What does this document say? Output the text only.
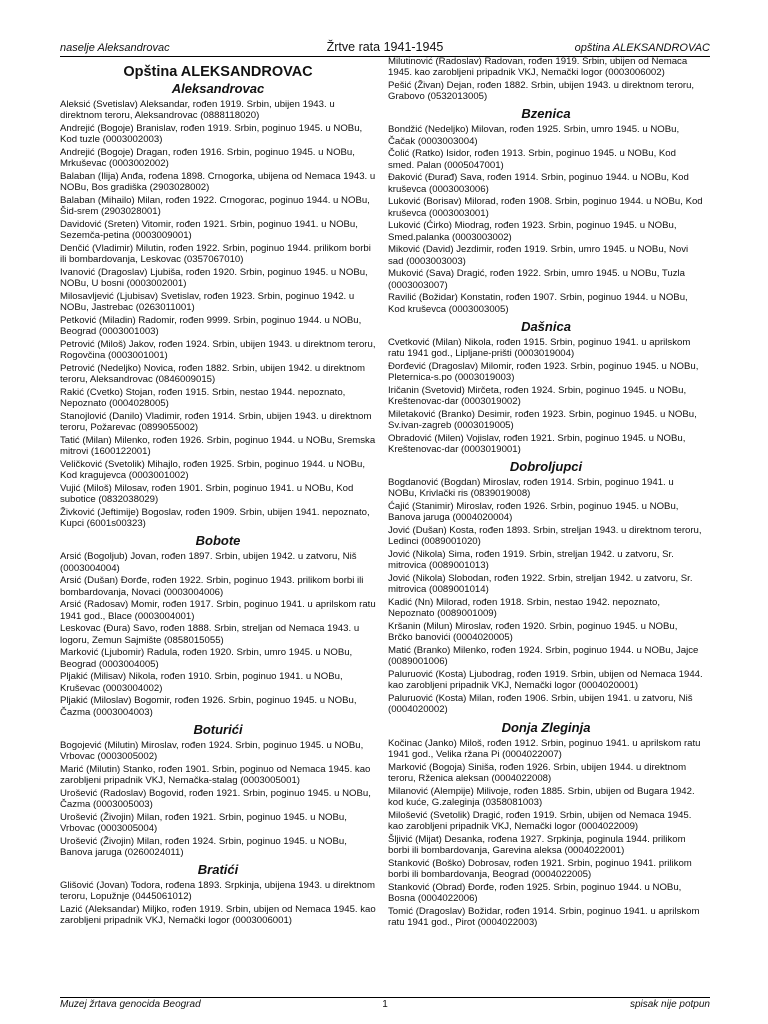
naselje Aleksandrovac	Žrtve rata 1941-1945	opština ALEKSANDROVAC
Opština ALEKSANDROVAC
Aleksandrovac
Aleksić (Svetislav) Aleksandar, rođen 1919. Srbin, ubijen 1943. u direktnom teroru, Aleksandrovac (0888118020)
Andrejić (Bogoje) Branislav, rođen 1919. Srbin, poginuo 1945. u NOBu, Kod tuzle (0003002003)
Andrejić (Bogoje) Dragan, rođen 1916. Srbin, poginuo 1945. u NOBu, Mrkuševac (0003002002)
Balaban (Ilija) Anđa, rođena 1898. Crnogorka, ubijena od Nemaca 1943. u NOBu, Bos gradiška (2903028002)
Balaban (Mihailo) Milan, rođen 1922. Crnogorac, poginuo 1944. u NOBu, Šid-srem (2903028001)
Davidović (Sreten) Vitomir, rođen 1921. Srbin, poginuo 1941. u NOBu, Sezemča-petina (0003009001)
Denčić (Vladimir) Milutin, rođen 1922. Srbin, poginuo 1944. prilikom borbi ili bombardovanja, Leskovac (0357067010)
Ivanović (Dragoslav) Ljubiša, rođen 1920. Srbin, poginuo 1945. u NOBu, NOBu, U bosni (0003002001)
Milosavljević (Ljubisav) Svetislav, rođen 1923. Srbin, poginuo 1942. u NOBu, Jastrebac (0263011001)
Petković (Miladin) Radomir, rođen 9999. Srbin, poginuo 1944. u NOBu, Beograd (0003001003)
Petrović (Miloš) Jakov, rođen 1924. Srbin, ubijen 1943. u direktnom teroru, Rogovčina (0003001001)
Petrović (Nedeljko) Novica, rođen 1882. Srbin, ubijen 1942. u direktnom teroru, Aleksandrovac (0846009015)
Rakić (Cvetko) Stojan, rođen 1915. Srbin, nestao 1944. nepoznato, Nepoznato (0004028005)
Stanojlović (Danilo) Vladimir, rođen 1914. Srbin, ubijen 1943. u direktnom teroru, Požarevac (0899055002)
Tatić (Milan) Milenko, rođen 1926. Srbin, poginuo 1944. u NOBu, Sremska mitrovi (1600122001)
Veličković (Svetolik) Mihajlo, rođen 1925. Srbin, poginuo 1944. u NOBu, Kod kragujevca (0003001002)
Vujić (Miloš) Milosav, rođen 1901. Srbin, poginuo 1941. u NOBu, Kod subotice (0832038029)
Živković (Jeftimije) Bogoslav, rođen 1909. Srbin, ubijen 1941. nepoznato, Kupci (6001s00323)
Bobote
Arsić (Bogoljub) Jovan, rođen 1897. Srbin, ubijen 1942. u zatvoru, Niš (0003004004)
Arsić (Dušan) Đorđe, rođen 1922. Srbin, poginuo 1943. prilikom borbi ili bombardovanja, Novaci (0003004006)
Arsić (Radosav) Momir, rođen 1917. Srbin, poginuo 1941. u aprilskom ratu 1941 god., Blace (0003004001)
Leskovac (Đura) Savo, rođen 1888. Srbin, streljan od Nemaca 1943. u logoru, Zemun Sajmište (0858015055)
Marković (Ljubomir) Radula, rođen 1920. Srbin, umro 1945. u NOBu, Beograd (0003004005)
Pljakić (Milisav) Nikola, rođen 1910. Srbin, poginuo 1941. u NOBu, Kruševac (0003004002)
Pljakić (Miloslav) Bogomir, rođen 1926. Srbin, poginuo 1945. u NOBu, Čazma (0003004003)
Boturići
Bogojević (Milutin) Miroslav, rođen 1924. Srbin, poginuo 1945. u NOBu, Vrbovac (0003005002)
Marić (Milutin) Stanko, rođen 1901. Srbin, poginuo od Nemaca 1945. kao zarobljeni pripadnik VKJ, Nemačka-stalag (0003005001)
Urošević (Radoslav) Bogovid, rođen 1921. Srbin, poginuo 1945. u NOBu, Čazma (0003005003)
Urošević (Živojin) Milan, rođen 1921. Srbin, poginuo 1945. u NOBu, Vrbovac (0003005004)
Urošević (Živojin) Milan, rođen 1924. Srbin, poginuo 1945. u NOBu, Banova jaruga (0260024011)
Bratići
Glišović (Jovan) Todora, rođena 1893. Srpkinja, ubijena 1943. u direktnom teroru, Lopužnje (0445061012)
Lazić (Aleksandar) Miljko, rođen 1919. Srbin, ubijen od Nemaca 1945. kao zarobljeni pripadnik VKJ, Nemački logor (0003006001)
Milutinović (Radoslav) Radovan, rođen 1919. Srbin, ubijen od Nemaca 1945. kao zarobljeni pripadnik VKJ, Nemački logor (0003006002)
Pešić (Živan) Dejan, rođen 1882. Srbin, ubijen 1943. u direktnom teroru, Grabovo (0532013005)
Bzenica
Bondžić (Nedeljko) Milovan, rođen 1925. Srbin, umro 1945. u NOBu, Čačak (0003003004)
Čolić (Ratko) Isidor, rođen 1913. Srbin, poginuo 1945. u NOBu, Kod smed. Palan (0005047001)
Đaković (Đurađ) Sava, rođen 1914. Srbin, poginuo 1944. u NOBu, Kod kruševca (0003003006)
Luković (Borisav) Milorad, rođen 1908. Srbin, poginuo 1944. u NOBu, Kod kruševca (0003003001)
Luković (Ćirko) Miodrag, rođen 1923. Srbin, poginuo 1945. u NOBu, Smed.palanka (0003003002)
Miković (David) Jezdimir, rođen 1919. Srbin, umro 1945. u NOBu, Novi sad (0003003003)
Muković (Sava) Dragić, rođen 1922. Srbin, umro 1945. u NOBu, Tuzla (0003003007)
Ravilić (Božidar) Konstatin, rođen 1907. Srbin, poginuo 1944. u NOBu, Kod kruševca (0003003005)
Dašnica
Cvetković (Milan) Nikola, rođen 1915. Srbin, poginuo 1941. u aprilskom ratu 1941 god., Lipljane-prišti (0003019004)
Đorđević (Dragoslav) Milomir, rođen 1923. Srbin, poginuo 1945. u NOBu, Pleternica-s.po (0003019003)
Iričanin (Svetovid) Mirčeta, rođen 1924. Srbin, poginuo 1945. u NOBu, Kreštenovac-dar (0003019002)
Miletaković (Branko) Desimir, rođen 1923. Srbin, poginuo 1945. u NOBu, Sv.ivan-zagreb (0003019005)
Obradović (Milen) Vojislav, rođen 1921. Srbin, poginuo 1945. u NOBu, Kreštenovac-dar (0003019001)
Dobroljupci
Bogdanović (Bogdan) Miroslav, rođen 1914. Srbin, poginuo 1941. u NOBu, Krivlački ris (0839019008)
Ćajić (Stanimir) Miroslav, rođen 1926. Srbin, poginuo 1945. u NOBu, Banova jaruga (0004020004)
Jović (Dušan) Kosta, rođen 1893. Srbin, streljan 1943. u direktnom teroru, Ledinci (0089001020)
Jović (Nikola) Sima, rođen 1919. Srbin, streljan 1942. u zatvoru, Sr. mitrovica (0089001013)
Jović (Nikola) Slobodan, rođen 1922. Srbin, streljan 1942. u zatvoru, Sr. mitrovica (0089001014)
Kadić (Nn) Milorad, rođen 1918. Srbin, nestao 1942. nepoznato, Nepoznato (0089001009)
Kršanin (Milun) Miroslav, rođen 1920. Srbin, poginuo 1945. u NOBu, Brčko banovići (0004020005)
Matić (Branko) Milenko, rođen 1924. Srbin, poginuo 1944. u NOBu, Jajce (0089001006)
Paluruović (Kosta) Ljubodrag, rođen 1919. Srbin, ubijen od Nemaca 1944. kao zarobljeni pripadnik VKJ, Nemački logor (0004020001)
Paluruović (Kosta) Milan, rođen 1906. Srbin, ubijen 1941. u zatvoru, Niš (0004020002)
Donja Zleginja
Kočinac (Janko) Miloš, rođen 1912. Srbin, poginuo 1941. u aprilskom ratu 1941 god., Velika ržana Pi (0004022007)
Marković (Bogoja) Siniša, rođen 1926. Srbin, ubijen 1944. u direktnom teroru, Rženica aleksan (0004022008)
Milanović (Alempije) Milivoje, rođen 1885. Srbin, ubijen od Bugara 1942. kod kuće, G.zaleginja (0358081003)
Milošević (Svetolik) Dragić, rođen 1919. Srbin, ubijen od Nemaca 1945. kao zarobljeni pripadnik VKJ, Nemački logor (0004022009)
Šljivić (Mijat) Desanka, rođena 1927. Srpkinja, poginula 1944. prilikom borbi ili bombardovanja, Garevina aleksa (0004022001)
Stanković (Boško) Dobrosav, rođen 1921. Srbin, poginuo 1941. prilikom borbi ili bombardovanja, Beograd (0004022005)
Stanković (Obrad) Đorđe, rođen 1925. Srbin, poginuo 1944. u NOBu, Bosna (0004022006)
Tomić (Dragoslav) Božidar, rođen 1914. Srbin, poginuo 1941. u aprilskom ratu 1941 god., Pirot (0004022003)
Muzej žrtava genocida Beograd	1	spisak nije potpun
